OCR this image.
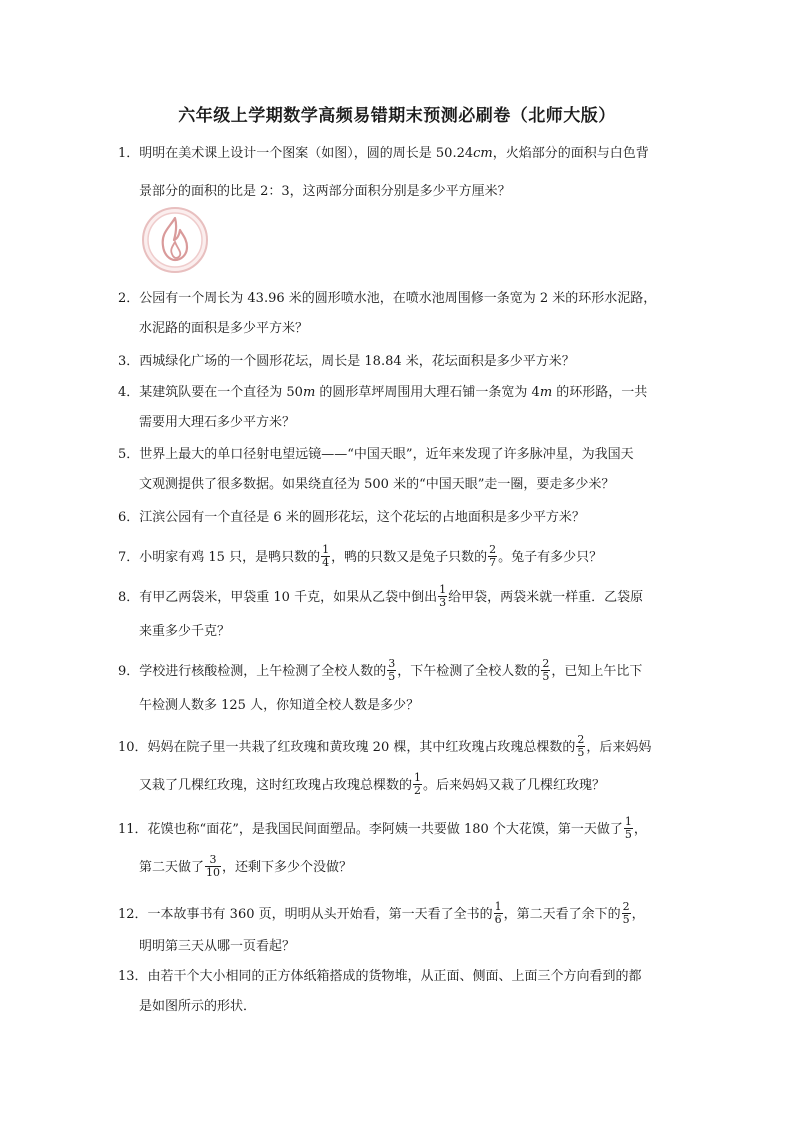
六年级上学期数学高频易错期末预测必刷卷（北师大版）
1．明明在美术课上设计一个图案（如图），圆的周长是 50.24cm，火焰部分的面积与白色背
景部分的面积的比是 2：3，这两部分面积分别是多少平方厘米？
2．公园有一个周长为 43.96 米的圆形喷水池，在喷水池周围修一条宽为 2 米的环形水泥路，
水泥路的面积是多少平方米？
3．西城绿化广场的一个圆形花坛，周长是 18.84 米，花坛面积是多少平方米？
4．某建筑队要在一个直径为 50m 的圆形草坪周围用大理石铺一条宽为 4m 的环形路，一共
需要用大理石多少平方米？
5．世界上最大的单口径射电望远镜——“中国天眼”，近年来发现了许多脉冲星，为我国天
文观测提供了很多数据。如果绕直径为 500 米的“中国天眼”走一圈，要走多少米？
6．江滨公园有一个直径是 6 米的圆形花坛，这个花坛的占地面积是多少平方米？
7．小明家有鸡 15 只，是鸭只数的 $\frac{1}{4}$ ，鸭的只数又是兔子只数的 $\frac{2}{7}$ 。兔子有多少只？
8．有甲乙两袋米，甲袋重 10 千克，如果从乙袋中倒出 $\frac{1}{3}$ 给甲袋，两袋米就一样重．乙袋原
来重多少千克？
9．学校进行核酸检测，上午检测了全校人数的 $\frac{3}{5}$ ，下午检测了全校人数的 $\frac{2}{5}$ ，已知上午比下
午检测人数多 125 人，你知道全校人数是多少？
10．妈妈在院子里一共栽了红玫瑰和黄玫瑰 20 棵，其中红玫瑰占玫瑰总棵数的 $\frac{2}{5}$ ，后来妈妈
又栽了几棵红玫瑰，这时红玫瑰占玫瑰总棵数的 $\frac{1}{2}$ 。后来妈妈又栽了几棵红玫瑰？
11．花馍也称“面花”，是我国民间面塑品。李阿姨一共要做 180 个大花馍，第一天做了 $\frac{1}{5}$ ，
第二天做了 $\frac{3}{10}$ ，还剩下多少个没做？
12．一本故事书有 360 页，明明从头开始看，第一天看了全书的 $\frac{1}{6}$ ，第二天看了余下的 $\frac{2}{5}$ ，
明明第三天从哪一页看起？
13．由若干个大小相同的正方体纸箱搭成的货物堆，从正面、侧面、上面三个方向看到的都
是如图所示的形状．
